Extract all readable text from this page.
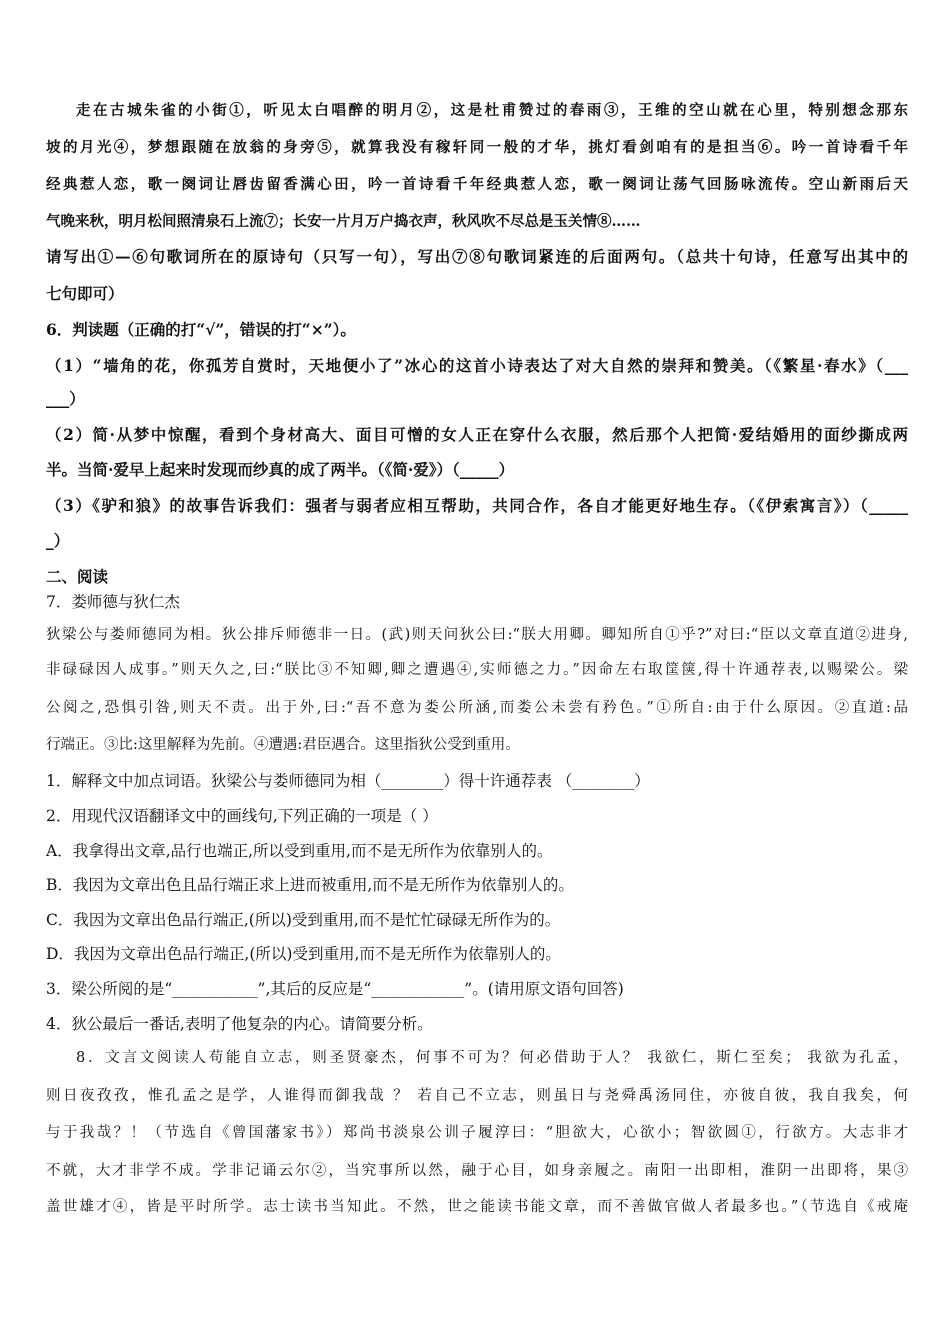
走在古城朱雀的小街①，听见太白唱醉的明月②，这是杜甫赞过的春雨③，王维的空山就在心里，特别想念那东
坡的月光④，梦想跟随在放翁的身旁⑤，就算我没有稼轩同一般的才华，挑灯看剑咱有的是担当⑥。吟一首诗看千年
经典惹人恋，歌一阕词让唇齿留香满心田，吟一首诗看千年经典惹人恋，歌一阕词让荡气回肠咏流传。空山新雨后天
气晚来秋，明月松间照清泉石上流⑦；长安一片月万户捣衣声，秋风吹不尽总是玉关情⑧……
请写出①—⑥句歌词所在的原诗句（只写一句），写出⑦⑧句歌词紧连的后面两句。（总共十句诗，任意写出其中的
七句即可）
6．判读题（正确的打“√”，错误的打“×”）。
（1）“墙角的花，你孤芳自赏时，天地便小了”冰心的这首小诗表达了对大自然的崇拜和赞美。（《繁星·春水》（___
___）
（2）简·从梦中惊醒，看到个身材高大、面目可憎的女人正在穿什么衣服，然后那个人把简·爱结婚用的面纱撕成两
半。当简·爱早上起来时发现而纱真的成了两半。（《简·爱》）（_____）
（3）《驴和狼》的故事告诉我们：强者与弱者应相互帮助，共同合作，各自才能更好地生存。（《伊索寓言》）（_____
_）
二、阅读
7．娄师德与狄仁杰
狄梁公与娄师德同为相。狄公排斥师德非一日。(武)则天问狄公曰:“朕大用卿。卿知所自①乎?”对曰:“臣以文章直道②进身,
非碌碌因人成事。”则天久之,曰:“朕比③不知卿,卿之遭遇④,实师德之力。”因命左右取筐箧,得十许通荐表,以赐梁公。梁
公阅之,恐惧引咎,则天不责。出于外,曰:“吾不意为娄公所涵,而娄公未尝有矜色。”①所自:由于什么原因。②直道:品
行端正。③比:这里解释为先前。④遭遇:君臣遇合。这里指狄公受到重用。
1．解释文中加点词语。狄梁公与娄师德同为相（________）得十许通荐表 （________）
2．用现代汉语翻译文中的画线句,下列正确的一项是（ ）
A．我拿得出文章,品行也端正,所以受到重用,而不是无所作为依靠别人的。
B．我因为文章出色且品行端正求上进而被重用,而不是无所作为依靠别人的。
C．我因为文章出色品行端正,(所以)受到重用,而不是忙忙碌碌无所作为的。
D．我因为文章出色品行端正,(所以)受到重用,而不是无所作为依靠别人的。
3．梁公所阅的是“___________”,其后的反应是“____________”。(请用原文语句回答)
4．狄公最后一番话,表明了他复杂的内心。请简要分析。
8．文言文阅读人苟能自立志，则圣贤豪杰，何事不可为？何必借助于人？ 我欲仁，斯仁至矣； 我欲为孔孟，
则日夜孜孜，惟孔孟之是学，人谁得而御我哉 ？ 若自己不立志，则虽日与尧舜禹汤同住，亦彼自彼，我自我矣，何
与于我哉？！（节选自《曾国藩家书》）郑尚书淡泉公训子履淳曰：“胆欲大，心欲小；智欲圆①，行欲方。大志非才
不就，大才非学不成。学非记诵云尔②，当究事所以然，融于心目，如身亲履之。南阳一出即相，淮阴一出即将，果③
盖世雄才④，皆是平时所学。志士读书当知此。不然，世之能读书能文章，而不善做官做人者最多也。”（节选自《戒庵
